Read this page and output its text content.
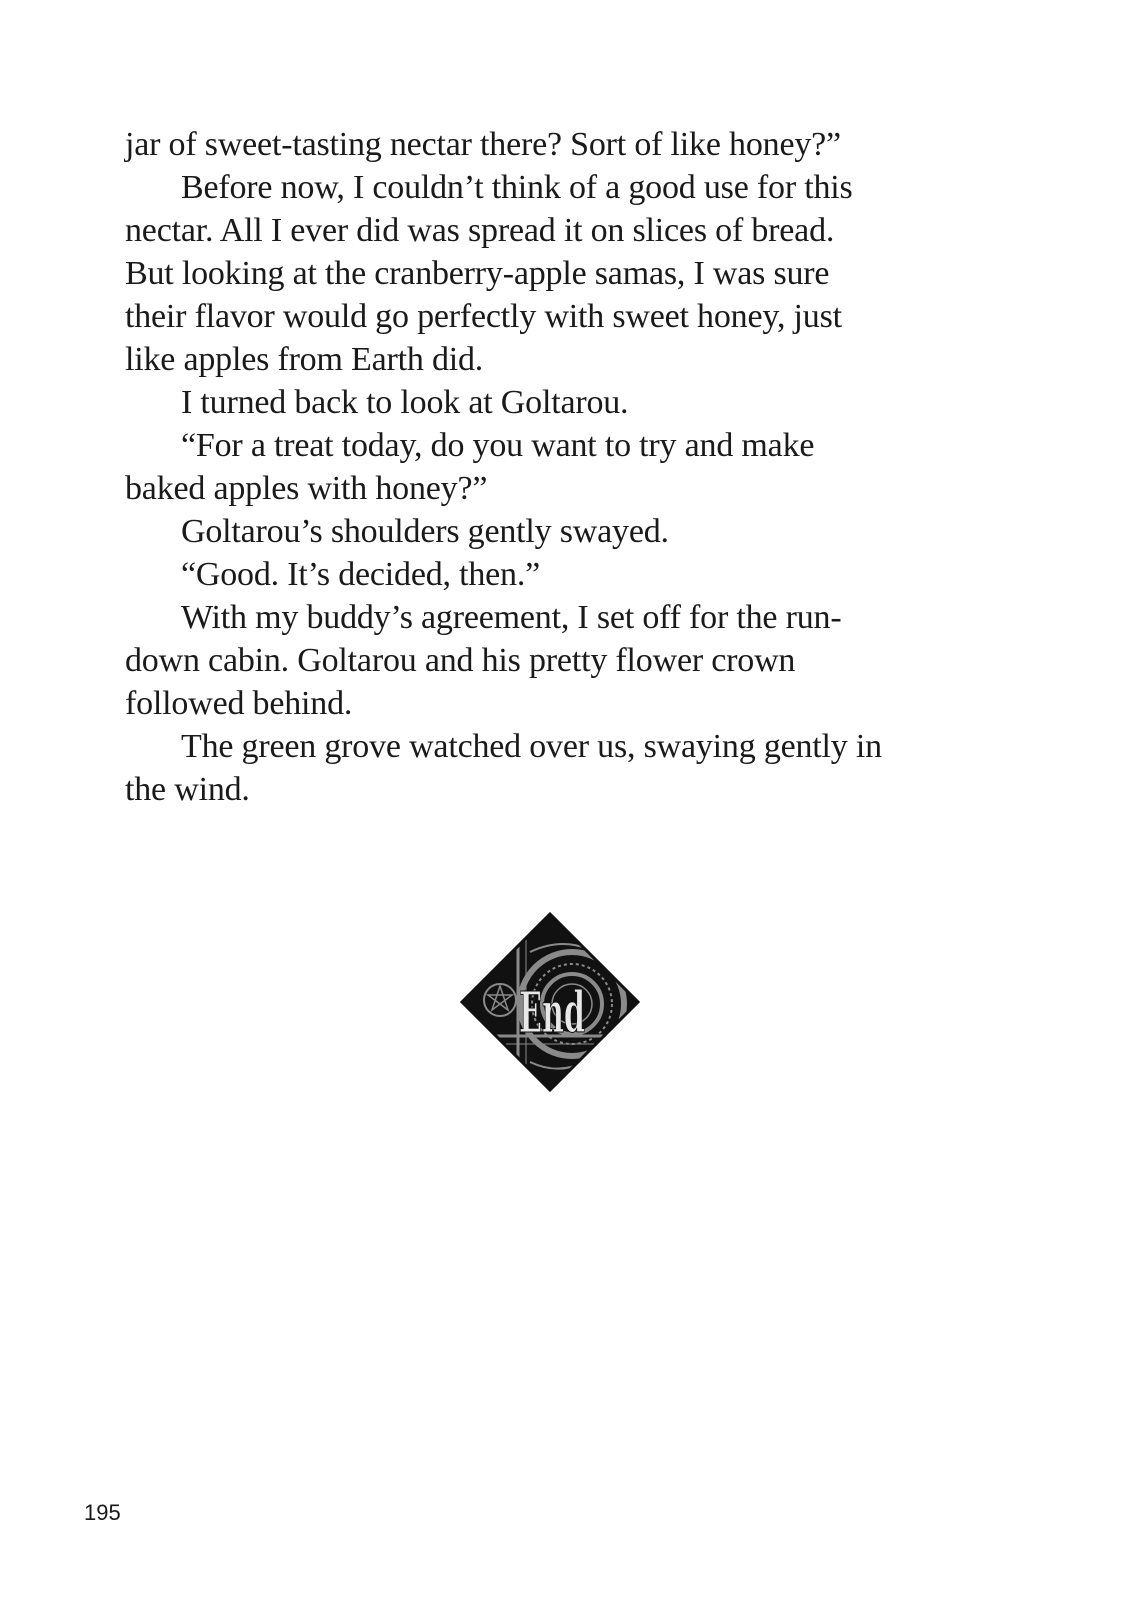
jar of sweet-tasting nectar there? Sort of like honey?”
Before now, I couldn’t think of a good use for this
nectar. All I ever did was spread it on slices of bread.
But looking at the cranberry-apple samas, I was sure
their flavor would go perfectly with sweet honey, just
like apples from Earth did.
I turned back to look at Goltarou.
“For a treat today, do you want to try and make
baked apples with honey?”
Goltarou’s shoulders gently swayed.
“Good. It’s decided, then.”
With my buddy’s agreement, I set off for the run-
down cabin. Goltarou and his pretty flower crown
followed behind.
The green grove watched over us, swaying gently in
the wind.
End
195
